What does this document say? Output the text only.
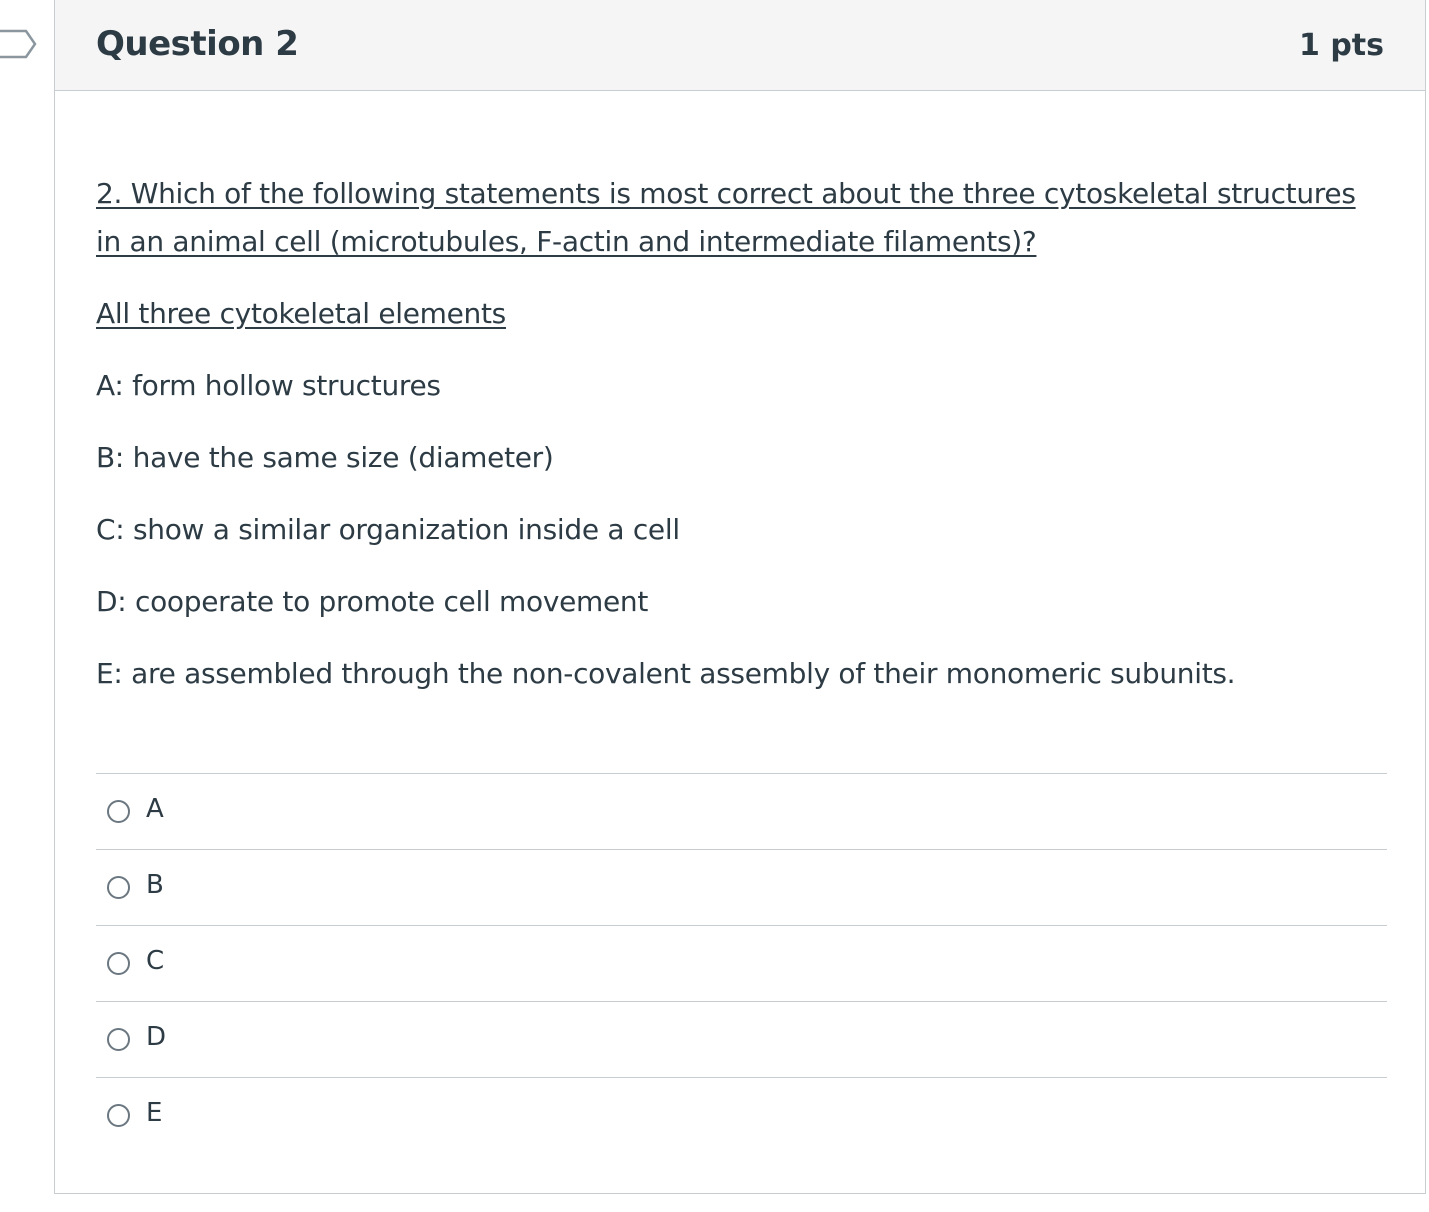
Question 2	1 pts
2. Which of the following statements is most correct about the three cytoskeletal structures in an animal cell (microtubules, F-actin and intermediate filaments)?
All three cytokeletal elements
A: form hollow structures
B: have the same size (diameter)
C: show a similar organization inside a cell
D: cooperate to promote cell movement
E: are assembled through the non-covalent assembly of their monomeric subunits.
A
B
C
D
E
